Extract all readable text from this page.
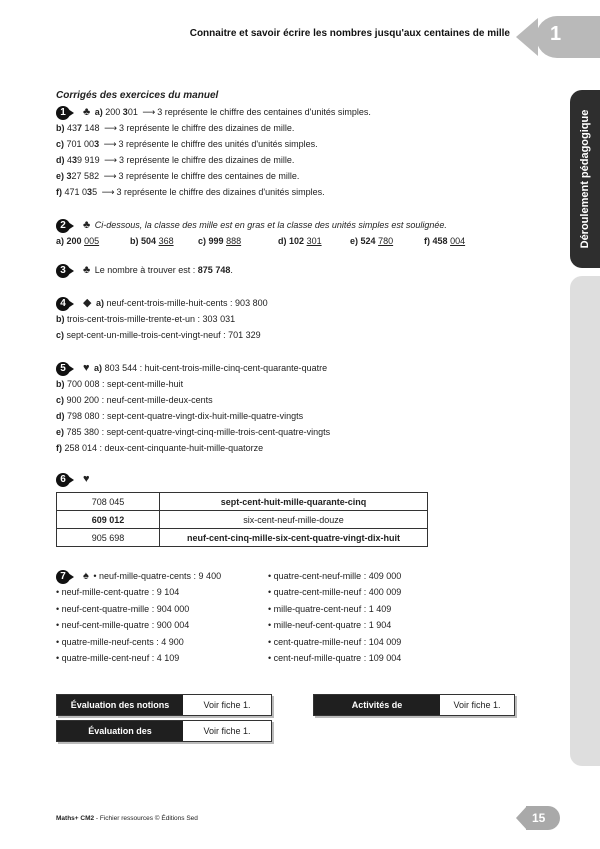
Connaitre et savoir écrire les nombres jusqu'aux centaines de mille 1
Déroulement pédagogique
Corrigés des exercices du manuel
1	♣ a) 200 301 ⟶ 3 représente le chiffre des centaines d'unités simples.
b) 437 148 ⟶ 3 représente le chiffre des dizaines de mille.
c) 701 003 ⟶ 3 représente le chiffre des unités d'unités simples.
d) 439 919 ⟶ 3 représente le chiffre des dizaines de mille.
e) 327 582 ⟶ 3 représente le chiffre des centaines de mille.
f) 471 035 ⟶ 3 représente le chiffre des dizaines d'unités simples.
2	♣ Ci-dessous, la classe des mille est en gras et la classe des unités simples est soulignée.
a) 200 005	b) 504 368	c) 999 888	d) 102 301	e) 524 780	f) 458 004
3	♣ Le nombre à trouver est : 875 748.
4	◆ a) neuf-cent-trois-mille-huit-cents : 903 800
b) trois-cent-trois-mille-trente-et-un : 303 031
c) sept-cent-un-mille-trois-cent-vingt-neuf : 701 329
5	♥ a) 803 544 : huit-cent-trois-mille-cinq-cent-quarante-quatre
b) 700 008 : sept-cent-mille-huit
c) 900 200 : neuf-cent-mille-deux-cents
d) 798 080 : sept-cent-quatre-vingt-dix-huit-mille-quatre-vingts
e) 785 380 : sept-cent-quatre-vingt-cinq-mille-trois-cent-quatre-vingts
f) 258 014 : deux-cent-cinquante-huit-mille-quatorze
6	♥
708 045	sept-cent-huit-mille-quarante-cinq
609 012	six-cent-neuf-mille-douze
905 698	neuf-cent-cinq-mille-six-cent-quatre-vingt-dix-huit
7	♠ • neuf-mille-quatre-cents : 9 400
• neuf-mille-cent-quatre : 9 104
• neuf-cent-quatre-mille : 904 000
• neuf-cent-mille-quatre : 900 004
• quatre-mille-neuf-cents : 4 900
• quatre-mille-cent-neuf : 4 109
• quatre-cent-neuf-mille : 409 000
• quatre-cent-mille-neuf : 400 009
• mille-quatre-cent-neuf : 1 409
• mille-neuf-cent-quatre : 1 904
• cent-quatre-mille-neuf : 104 009
• cent-neuf-mille-quatre : 109 004
Évaluation des notions	Voir fiche 1.
Évaluation des compétences
Voir fiche 1.
Activités de différenciation
Voir fiche 1.
Maths+ CM2 - Fichier ressources © Éditions Sed	15
